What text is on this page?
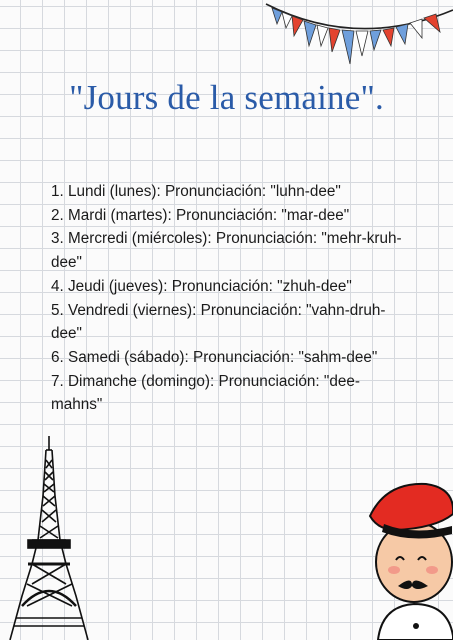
"Jours de la semaine".
1. Lundi (lunes): Pronunciación: "luhn-dee"
2. Mardi (martes): Pronunciación: "mar-dee"
3. Mercredi (miércoles): Pronunciación: "mehr-kruh-dee"
4. Jeudi (jueves): Pronunciación: "zhuh-dee"
5. Vendredi (viernes): Pronunciación: "vahn-druh-dee"
6. Samedi (sábado): Pronunciación: "sahm-dee"
7. Dimanche (domingo): Pronunciación: "dee-mahns"
